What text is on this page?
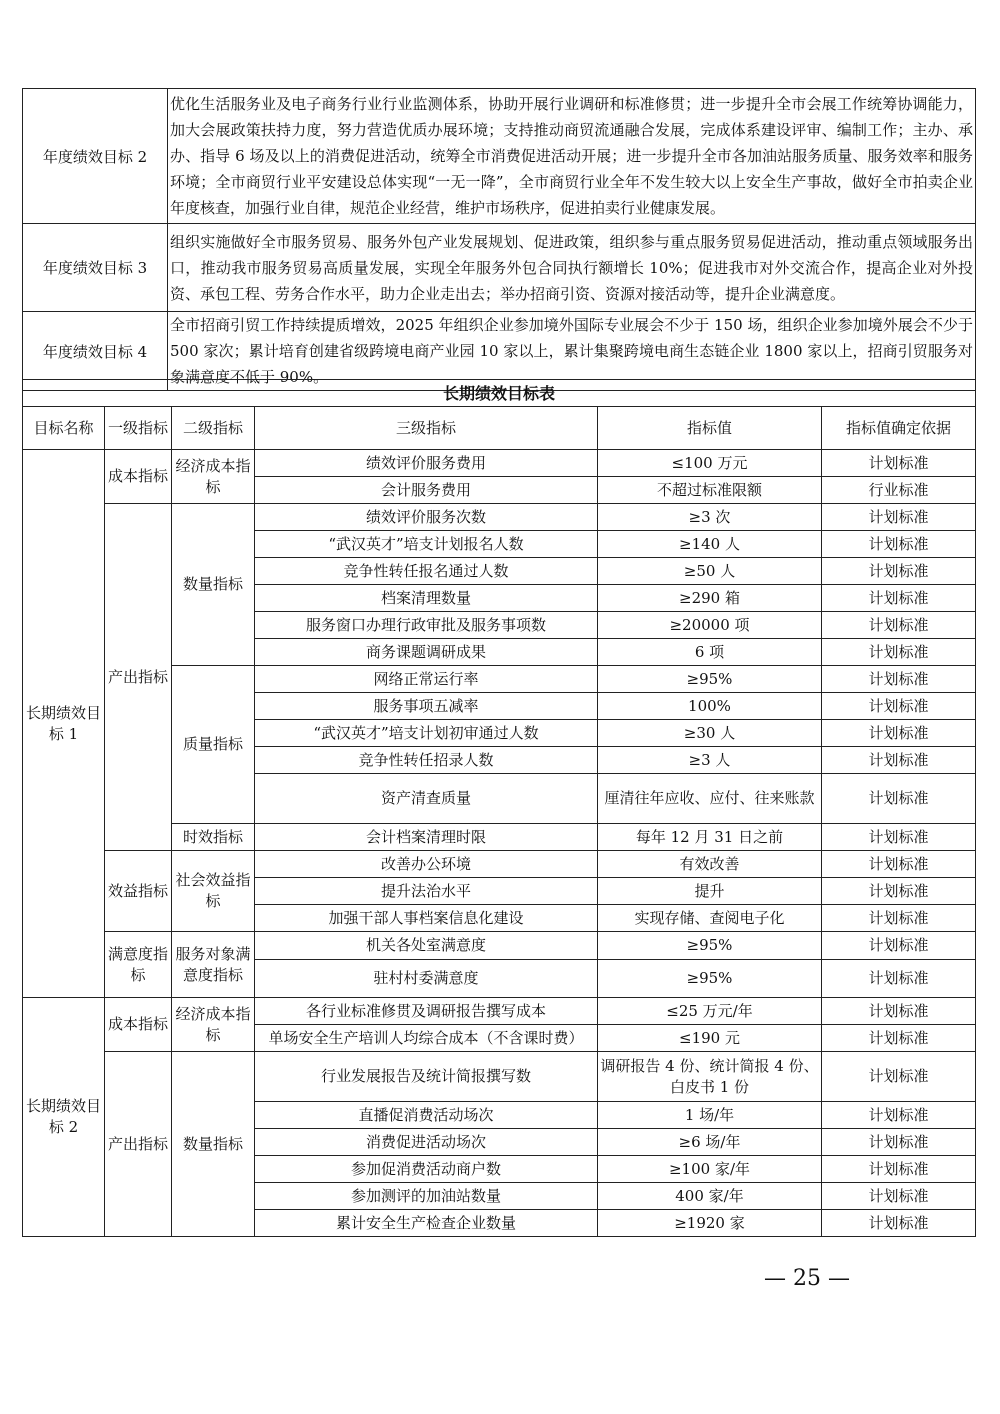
年度绩效目标 2	优化生活服务业及电子商务行业行业监测体系，协助开展行业调研和标准修贯；进一步提升全市会展工作统筹协调能力，加大会展政策扶持力度，努力营造优质办展环境；支持推动商贸流通融合发展，完成体系建设评审、编制工作；主办、承办、指导 6 场及以上的消费促进活动，统筹全市消费促进活动开展；进一步提升全市各加油站服务质量、服务效率和服务环境；全市商贸行业平安建设总体实现“一无一降”，全市商贸行业全年不发生较大以上安全生产事故，做好全市拍卖企业年度核查，加强行业自律，规范企业经营，维护市场秩序，促进拍卖行业健康发展。
年度绩效目标 3	组织实施做好全市服务贸易、服务外包产业发展规划、促进政策，组织参与重点服务贸易促进活动，推动重点领域服务出口，推动我市服务贸易高质量发展，实现全年服务外包合同执行额增长 10%；促进我市对外交流合作，提高企业对外投资、承包工程、劳务合作水平，助力企业走出去；举办招商引资、资源对接活动等，提升企业满意度。
年度绩效目标 4	全市招商引贸工作持续提质增效，2025 年组织企业参加境外国际专业展会不少于 150 场，组织企业参加境外展会不少于 500 家次；累计培育创建省级跨境电商产业园 10 家以上，累计集聚跨境电商生态链企业 1800 家以上，招商引贸服务对象满意度不低于 90%。
长期绩效目标表					
目标名称	一级指标	二级指标	三级指标	指标值	指标值确定依据
长期绩效目标 1	成本指标	经济成本指标	绩效评价服务费用	≤100 万元	计划标准
			会计服务费用	不超过标准限额	行业标准
	产出指标	数量指标	绩效评价服务次数	≥3 次	计划标准
			“武汉英才”培支计划报名人数	≥140 人	计划标准
			竞争性转任报名通过人数	≥50 人	计划标准
			档案清理数量	≥290 箱	计划标准
			服务窗口办理行政审批及服务事项数	≥20000 项	计划标准
			商务课题调研成果	6 项	计划标准
		质量指标	网络正常运行率	≥95%	计划标准
			服务事项五减率	100%	计划标准
			“武汉英才”培支计划初审通过人数	≥30 人	计划标准
			竞争性转任招录人数	≥3 人	计划标准
			资产清查质量	厘清往年应收、应付、往来账款	计划标准
		时效指标	会计档案清理时限	每年 12 月 31 日之前	计划标准
	效益指标	社会效益指标	改善办公环境	有效改善	计划标准
			提升法治水平	提升	计划标准
			加强干部人事档案信息化建设	实现存储、查阅电子化	计划标准
	满意度指标	服务对象满意度指标	机关各处室满意度	≥95%	计划标准
			驻村村委满意度	≥95%	计划标准
长期绩效目标 2	成本指标	经济成本指标	各行业标准修贯及调研报告撰写成本	≤25 万元/年	计划标准
			单场安全生产培训人均综合成本（不含课时费）	≤190 元	计划标准
	产出指标	数量指标	行业发展报告及统计简报撰写数	调研报告 4 份、统计简报 4 份、白皮书 1 份	计划标准
			直播促消费活动场次	1 场/年	计划标准
			消费促进活动场次	≥6 场/年	计划标准
			参加促消费活动商户数	≥100 家/年	计划标准
			参加测评的加油站数量	400 家/年	计划标准
			累计安全生产检查企业数量	≥1920 家	计划标准
— 25 —
